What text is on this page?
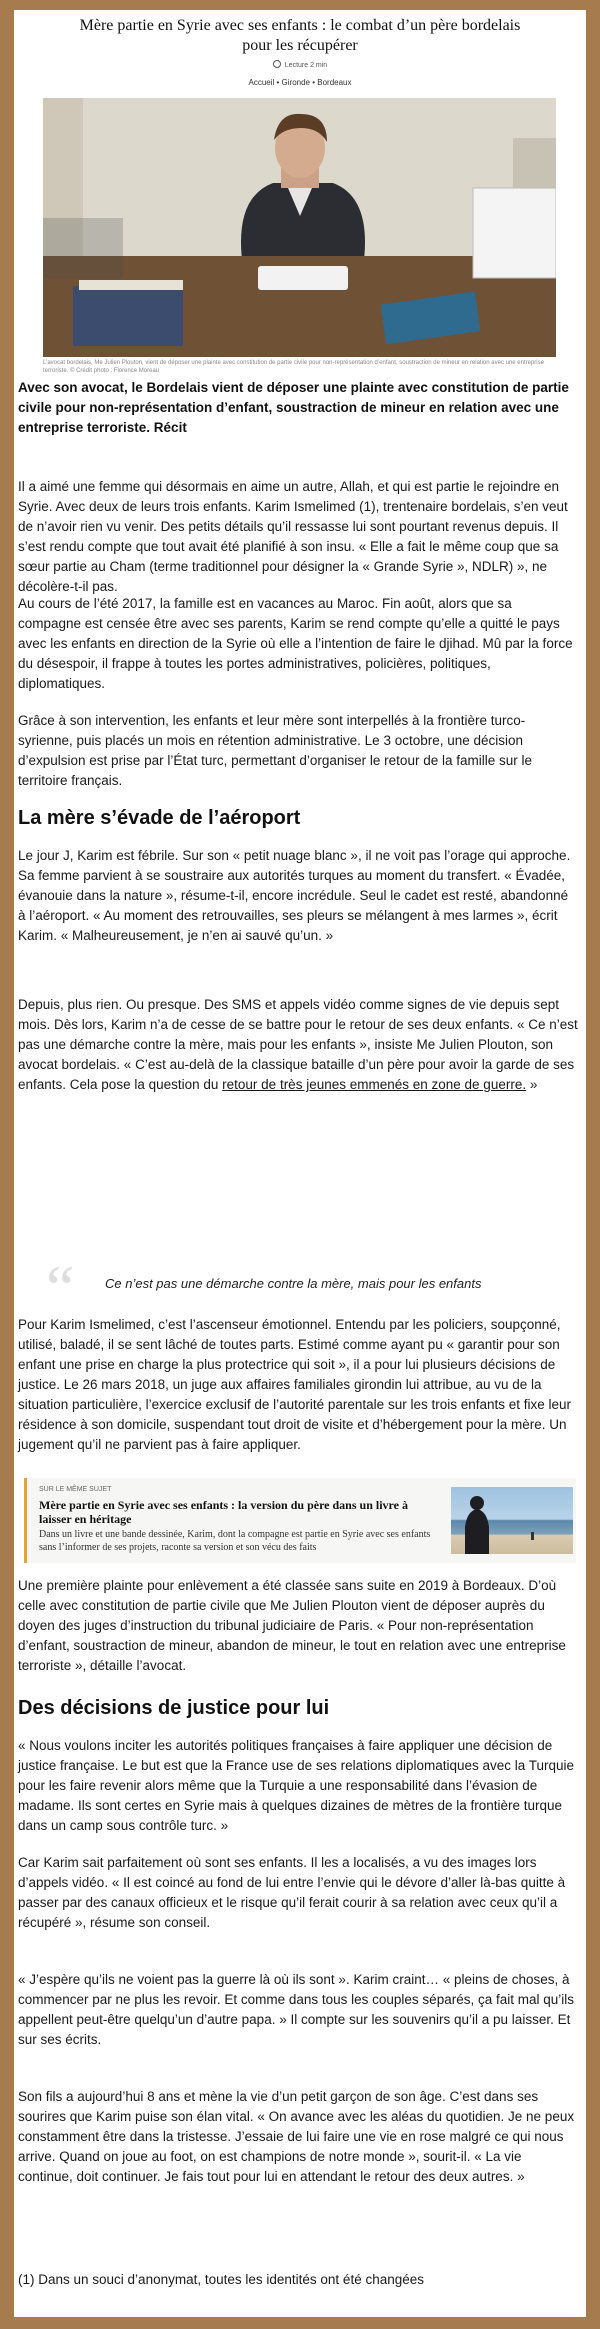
Mère partie en Syrie avec ses enfants : le combat d’un père bordelais pour les récupérer
Lecture 2 min
Accueil • Gironde • Bordeaux
L’avocat bordelais, Me Julien Plouton, vient de déposer une plainte avec constitution de partie civile pour non-représentation d’enfant, soustraction de mineur en relation avec une entreprise terroriste. © Crédit photo : Florence Moreau
Avec son avocat, le Bordelais vient de déposer une plainte avec constitution de partie civile pour non-représentation d’enfant, soustraction de mineur en relation avec une entreprise terroriste. Récit
Il a aimé une femme qui désormais en aime un autre, Allah, et qui est partie le rejoindre en Syrie. Avec deux de leurs trois enfants. Karim Ismelimed (1), trentenaire bordelais, s’en veut de n’avoir rien vu venir. Des petits détails qu’il ressasse lui sont pourtant revenus depuis. Il s’est rendu compte que tout avait été planifié à son insu. « Elle a fait le même coup que sa sœur partie au Cham (terme traditionnel pour désigner la « Grande Syrie », NDLR) », ne décolère-t-il pas.
Au cours de l’été 2017, la famille est en vacances au Maroc. Fin août, alors que sa compagne est censée être avec ses parents, Karim se rend compte qu’elle a quitté le pays avec les enfants en direction de la Syrie où elle a l’intention de faire le djihad. Mû par la force du désespoir, il frappe à toutes les portes administratives, policières, politiques, diplomatiques.
Grâce à son intervention, les enfants et leur mère sont interpellés à la frontière turco-syrienne, puis placés un mois en rétention administrative. Le 3 octobre, une décision d’expulsion est prise par l’État turc, permettant d’organiser le retour de la famille sur le territoire français.
La mère s’évade de l’aéroport
Le jour J, Karim est fébrile. Sur son « petit nuage blanc », il ne voit pas l’orage qui approche. Sa femme parvient à se soustraire aux autorités turques au moment du transfert. « Évadée, évanouie dans la nature », résume-t-il, encore incrédule. Seul le cadet est resté, abandonné à l’aéroport. « Au moment des retrouvailles, ses pleurs se mélangent à mes larmes », écrit Karim. « Malheureusement, je n’en ai sauvé qu’un. »
Depuis, plus rien. Ou presque. Des SMS et appels vidéo comme signes de vie depuis sept mois. Dès lors, Karim n’a de cesse de se battre pour le retour de ses deux enfants. « Ce n’est pas une démarche contre la mère, mais pour les enfants », insiste Me Julien Plouton, son avocat bordelais. « C’est au-delà de la classique bataille d’un père pour avoir la garde de ses enfants. Cela pose la question du retour de très jeunes emmenés en zone de guerre. »
“ Ce n’est pas une démarche contre la mère, mais pour les enfants
Pour Karim Ismelimed, c’est l’ascenseur émotionnel. Entendu par les policiers, soupçonné, utilisé, baladé, il se sent lâché de toutes parts. Estimé comme ayant pu « garantir pour son enfant une prise en charge la plus protectrice qui soit », il a pour lui plusieurs décisions de justice. Le 26 mars 2018, un juge aux affaires familiales girondin lui attribue, au vu de la situation particulière, l’exercice exclusif de l’autorité parentale sur les trois enfants et fixe leur résidence à son domicile, suspendant tout droit de visite et d’hébergement pour la mère. Un jugement qu’il ne parvient pas à faire appliquer.
SUR LE MÊME SUJET
Mère partie en Syrie avec ses enfants : la version du père dans un livre à laisser en héritage
Dans un livre et une bande dessinée, Karim, dont la compagne est partie en Syrie avec ses enfants sans l’informer de ses projets, raconte sa version et son vécu des faits
Une première plainte pour enlèvement a été classée sans suite en 2019 à Bordeaux. D’où celle avec constitution de partie civile que Me Julien Plouton vient de déposer auprès du doyen des juges d’instruction du tribunal judiciaire de Paris. « Pour non-représentation d’enfant, soustraction de mineur, abandon de mineur, le tout en relation avec une entreprise terroriste », détaille l’avocat.
Des décisions de justice pour lui
« Nous voulons inciter les autorités politiques françaises à faire appliquer une décision de justice française. Le but est que la France use de ses relations diplomatiques avec la Turquie pour les faire revenir alors même que la Turquie a une responsabilité dans l’évasion de madame. Ils sont certes en Syrie mais à quelques dizaines de mètres de la frontière turque dans un camp sous contrôle turc. »
Car Karim sait parfaitement où sont ses enfants. Il les a localisés, a vu des images lors d’appels vidéo. « Il est coincé au fond de lui entre l’envie qui le dévore d’aller là-bas quitte à passer par des canaux officieux et le risque qu’il ferait courir à sa relation avec ceux qu’il a récupéré », résume son conseil.
« J’espère qu’ils ne voient pas la guerre là où ils sont ». Karim craint… « pleins de choses, à commencer par ne plus les revoir. Et comme dans tous les couples séparés, ça fait mal qu’ils appellent peut-être quelqu’un d’autre papa. » Il compte sur les souvenirs qu’il a pu laisser. Et sur ses écrits.
Son fils a aujourd’hui 8 ans et mène la vie d’un petit garçon de son âge. C’est dans ses sourires que Karim puise son élan vital. « On avance avec les aléas du quotidien. Je ne peux constamment être dans la tristesse. J’essaie de lui faire une vie en rose malgré ce qui nous arrive. Quand on joue au foot, on est champions de notre monde », sourit-il. « La vie continue, doit continuer. Je fais tout pour lui en attendant le retour des deux autres. »
(1) Dans un souci d’anonymat, toutes les identités ont été changées
